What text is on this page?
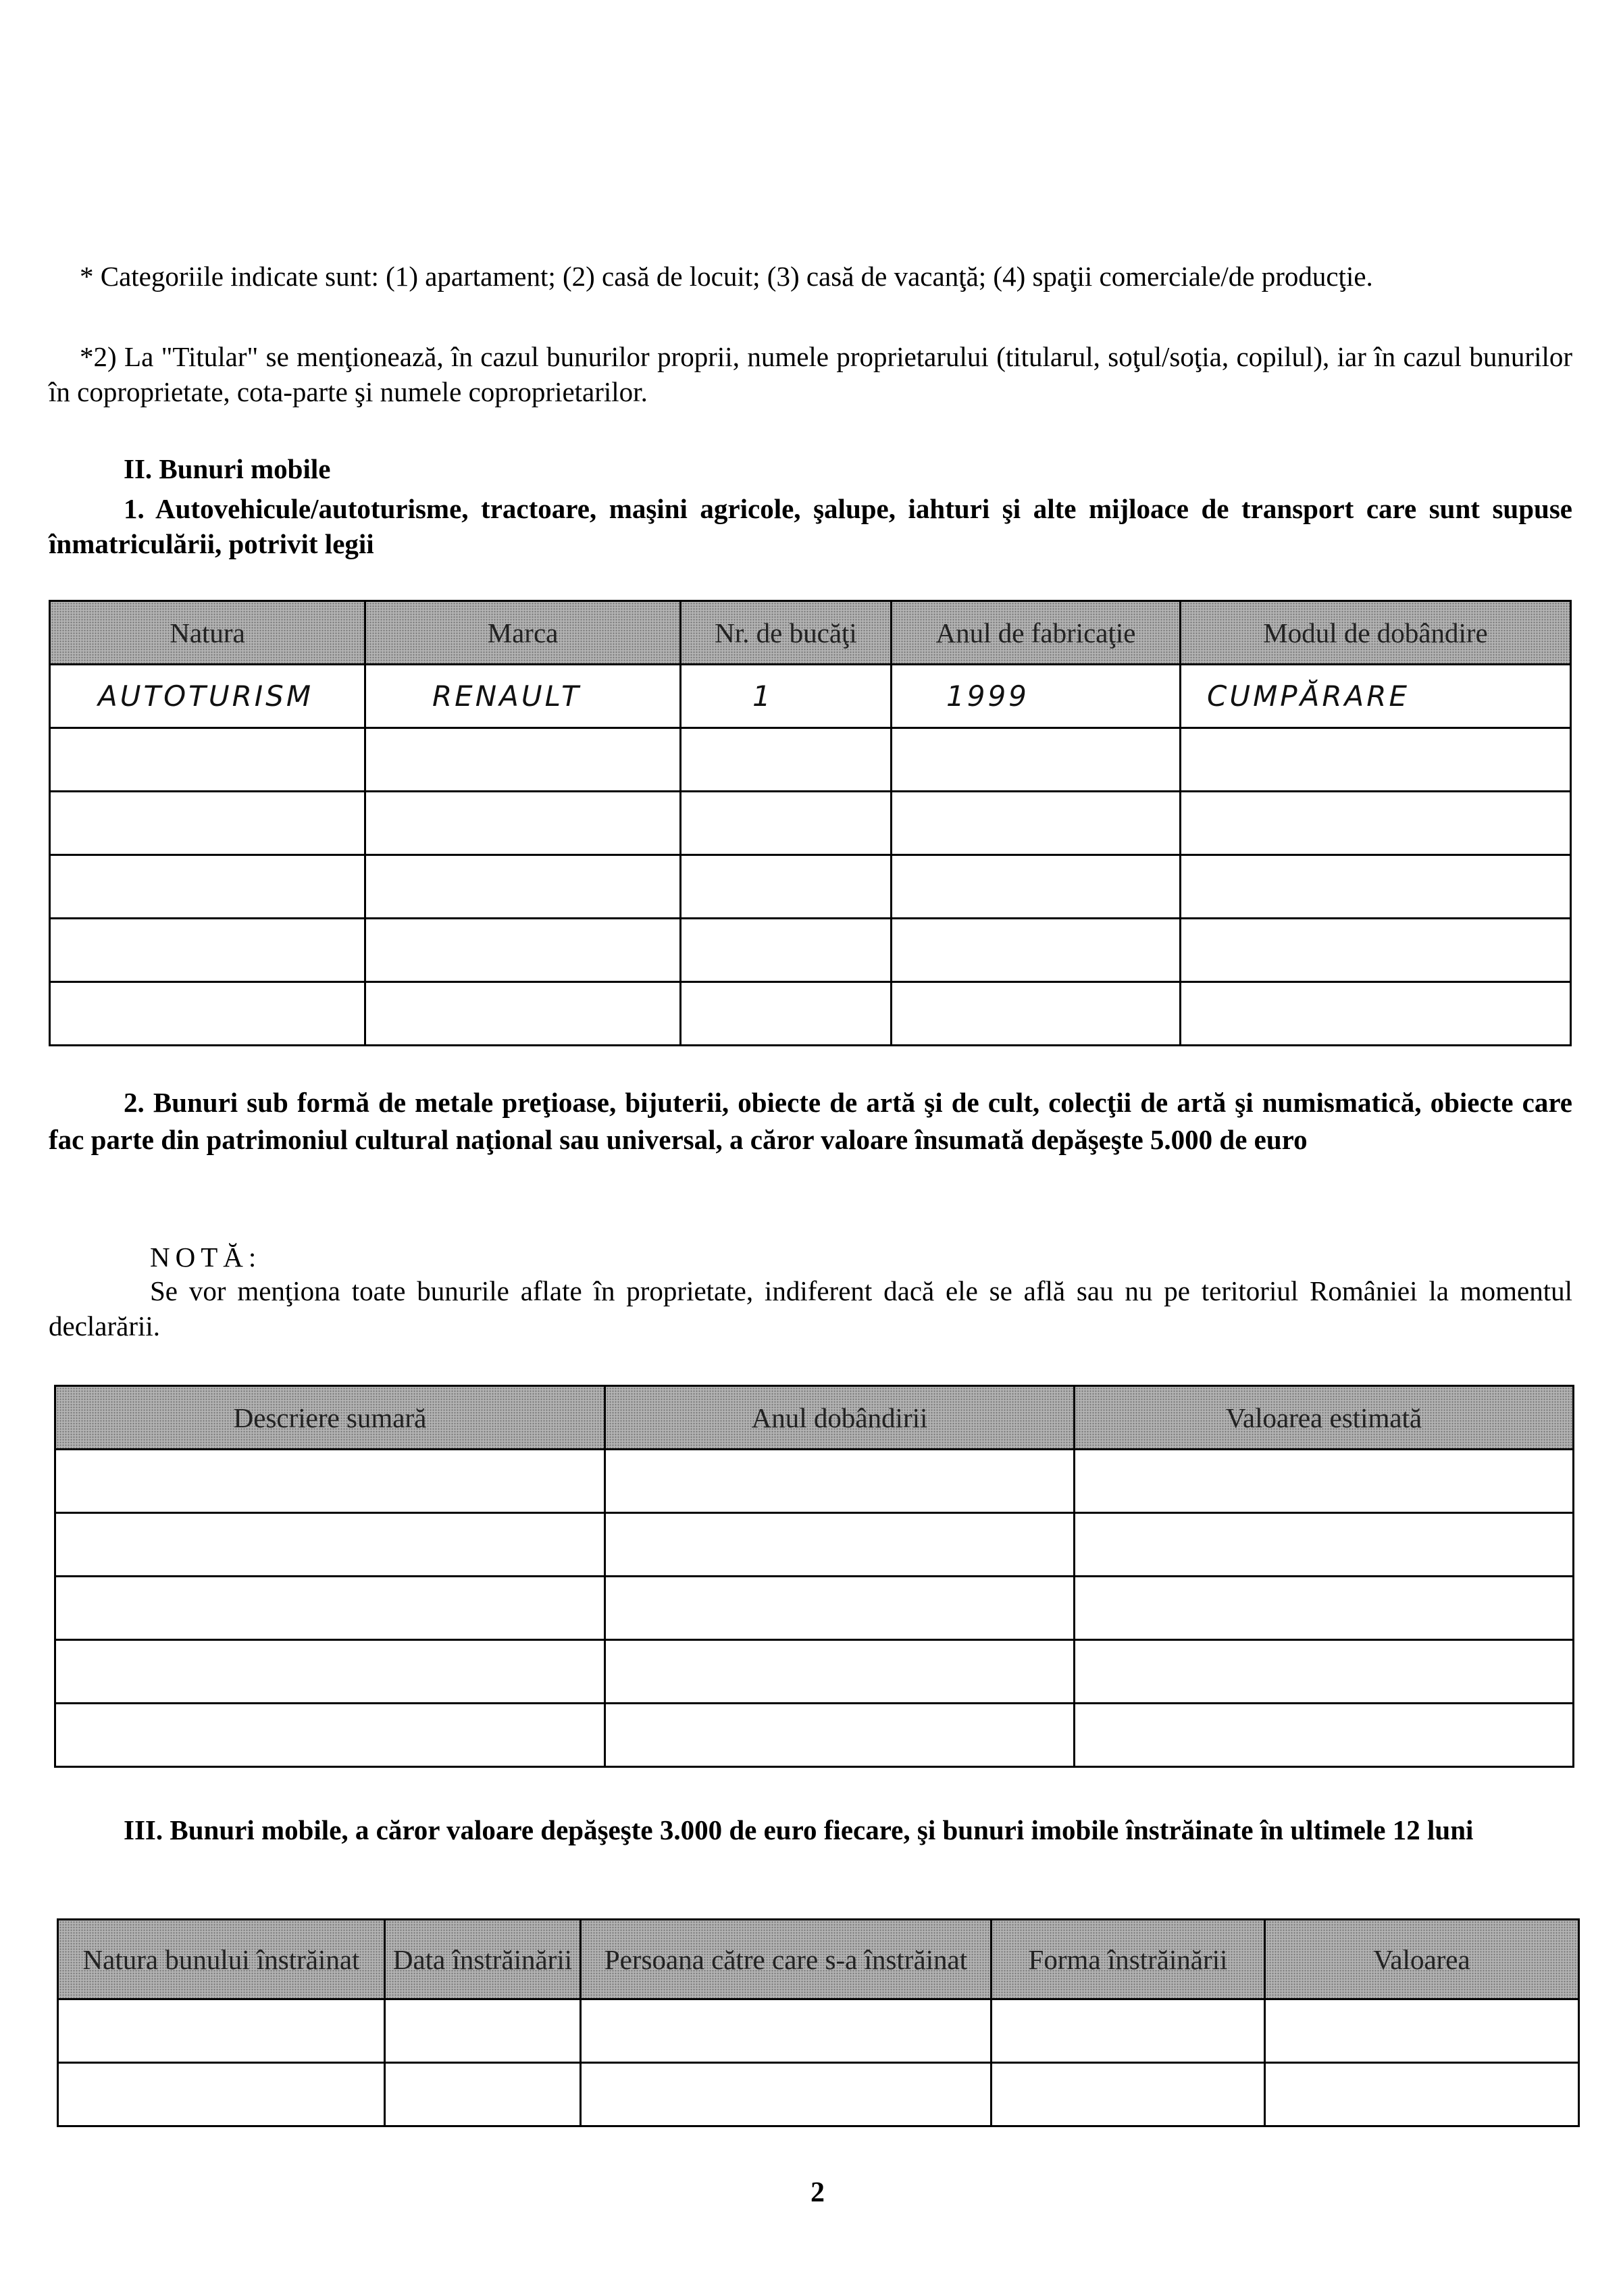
* Categoriile indicate sunt: (1) apartament; (2) casă de locuit; (3) casă de vacanţă; (4) spaţii comerciale/de producţie.
*2) La "Titular" se menţionează, în cazul bunurilor proprii, numele proprietarului (titularul, soţul/soţia, copilul), iar în cazul bunurilor în coproprietate, cota-parte şi numele coproprietarilor.
II. Bunuri mobile
1. Autovehicule/autoturisme, tractoare, maşini agricole, şalupe, iahturi şi alte mijloace de transport care sunt supuse înmatriculării, potrivit legii
Natura	Marca	Nr. de bucăţi	Anul de fabricaţie	Modul de dobândire
AUTOTURISM	RENAULT	1	1999	CUMPĂRARE

2. Bunuri sub formă de metale preţioase, bijuterii, obiecte de artă şi de cult, colecţii de artă şi numismatică, obiecte care fac parte din patrimoniul cultural naţional sau universal, a căror valoare însumată depăşeşte 5.000 de euro
NOTĂ:
Se vor menţiona toate bunurile aflate în proprietate, indiferent dacă ele se află sau nu pe teritoriul României la momentul declarării.
Descriere sumară	Anul dobândirii	Valoarea estimată

III. Bunuri mobile, a căror valoare depăşeşte 3.000 de euro fiecare, şi bunuri imobile înstrăinate în ultimele 12 luni
Natura bunului înstrăinat	Data înstrăinării	Persoana către care s-a înstrăinat	Forma înstrăinării	Valoarea

2
